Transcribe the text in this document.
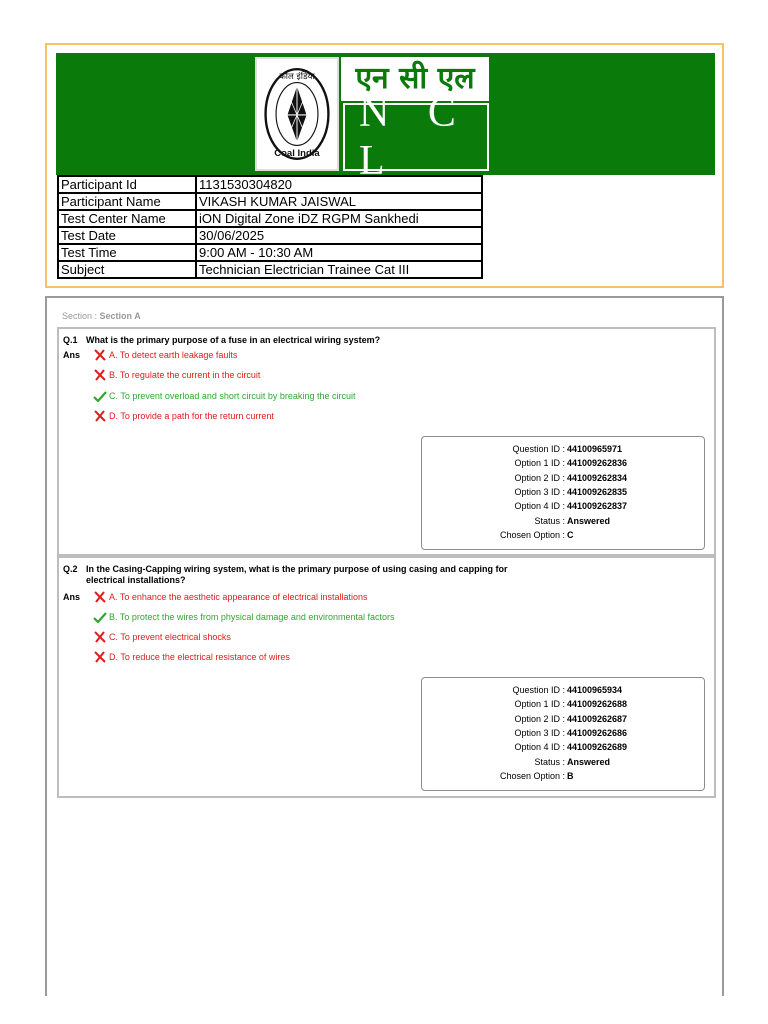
कोल इंडिया
Coal India
एन सी एल
N C L
Participant Id	1131530304820
Participant Name	VIKASH KUMAR JAISWAL
Test Center Name	iON Digital Zone iDZ RGPM Sankhedi
Test Date	30/06/2025
Test Time	9:00 AM - 10:30 AM
Subject	Technician Electrician Trainee Cat III
Section : Section A
Q.1 What is the primary purpose of a fuse in an electrical wiring system?
Ans	A. To detect earth leakage faults
B. To regulate the current in the circuit
C. To prevent overload and short circuit by breaking the circuit
D. To provide a path for the return current
Question ID : 44100965971
Option 1 ID : 441009262836
Option 2 ID : 441009262834
Option 3 ID : 441009262835
Option 4 ID : 441009262837
Status : Answered
Chosen Option : C
Q.2 In the Casing-Capping wiring system, what is the primary purpose of using casing and capping for electrical installations?
Ans	A. To enhance the aesthetic appearance of electrical installations
B. To protect the wires from physical damage and environmental factors
C. To prevent electrical shocks
D. To reduce the electrical resistance of wires
Question ID : 44100965934
Option 1 ID : 441009262688
Option 2 ID : 441009262687
Option 3 ID : 441009262686
Option 4 ID : 441009262689
Status : Answered
Chosen Option : B
